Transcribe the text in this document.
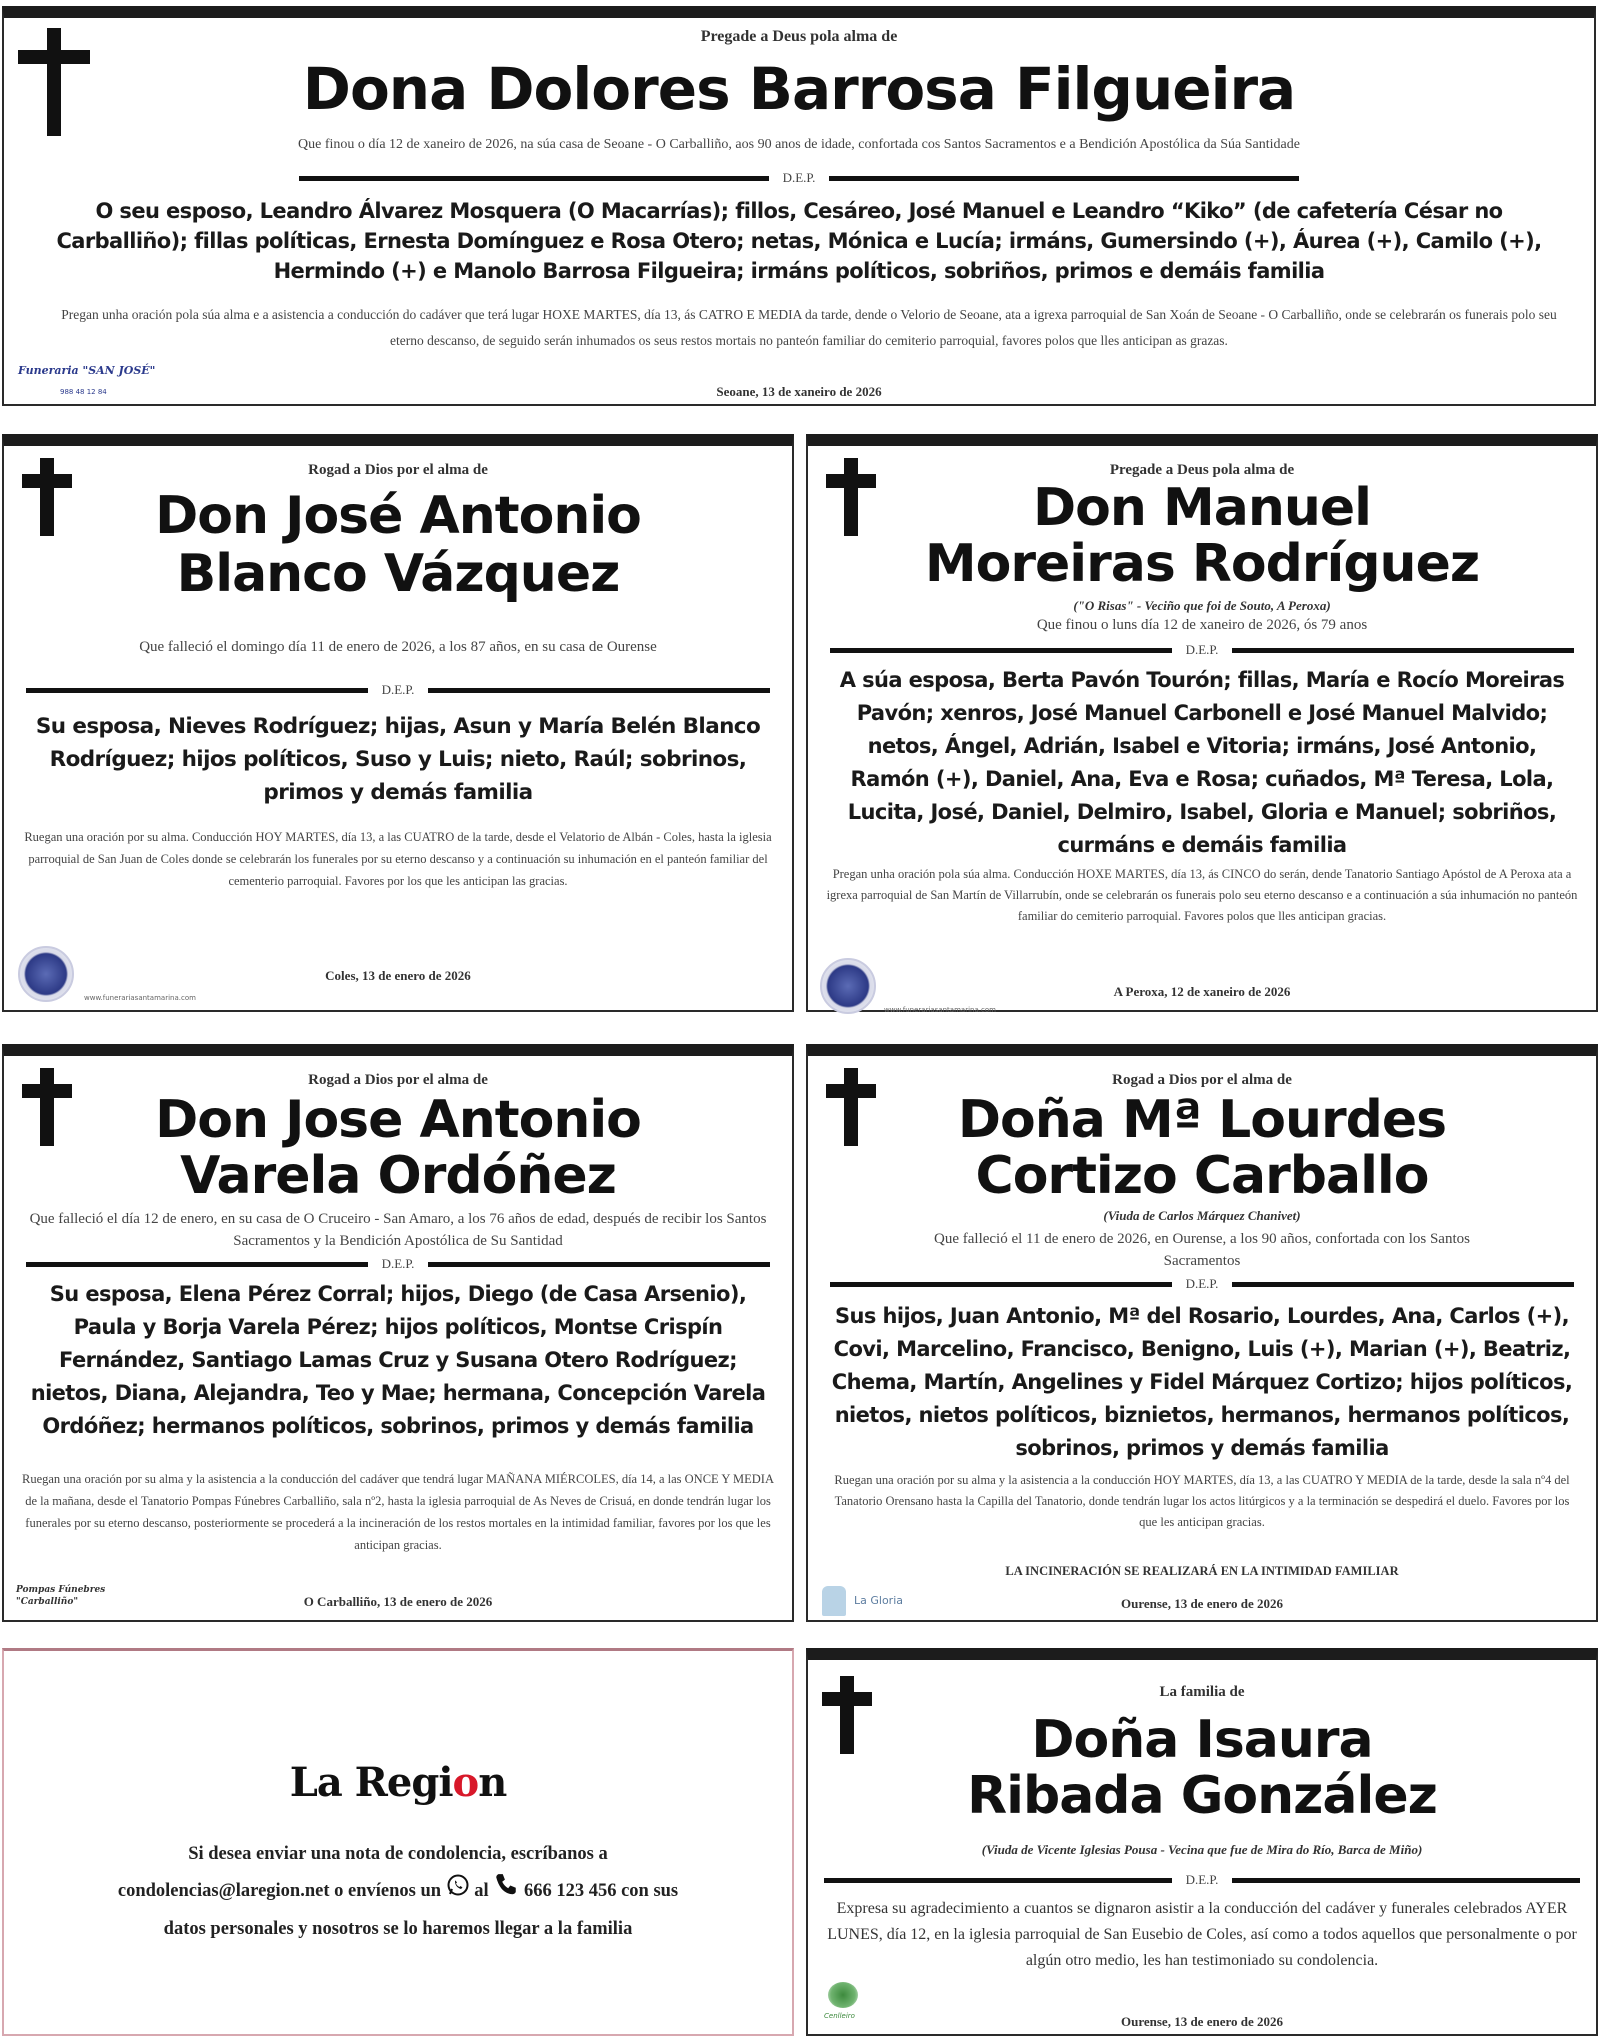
Pregade a Deus pola alma de
Dona Dolores Barrosa Filgueira
Que finou o día 12 de xaneiro de 2026, na súa casa de Seoane - O Carballiño, aos 90 anos de idade, confortada cos Santos Sacramentos e a Bendición Apostólica da Súa Santidade
D.E.P.
O seu esposo, Leandro Álvarez Mosquera (O Macarrías); fillos, Cesáreo, José Manuel e Leandro “Kiko” (de cafetería César no Carballiño); fillas políticas, Ernesta Domínguez e Rosa Otero; netas, Mónica e Lucía; irmáns, Gumersindo (+), Áurea (+), Camilo (+), Hermindo (+) e Manolo Barrosa Filgueira; irmáns políticos, sobriños, primos e demáis familia
Pregan unha oración pola súa alma e a asistencia a conducción do cadáver que terá lugar HOXE MARTES, día 13, ás CATRO E MEDIA da tarde, dende o Velorio de Seoane, ata a igrexa parroquial de San Xoán de Seoane - O Carballiño, onde se celebrarán os funerais polo seu eterno descanso, de seguido serán inhumados os seus restos mortais no panteón familiar do cemiterio parroquial, favores polos que lles anticipan as grazas.
Seoane, 13 de xaneiro de 2026
Funeraria "SAN JOSÉ"
988 48 12 84
Rogad a Dios por el alma de
Don José Antonio
Blanco Vázquez
Que falleció el domingo día 11 de enero de 2026, a los 87 años, en su casa de Ourense
D.E.P.
Su esposa, Nieves Rodríguez; hijas, Asun y María Belén Blanco Rodríguez; hijos políticos, Suso y Luis; nieto, Raúl; sobrinos, primos y demás familia
Ruegan una oración por su alma. Conducción HOY MARTES, día 13, a las CUATRO de la tarde, desde el Velatorio de Albán - Coles, hasta la iglesia parroquial de San Juan de Coles donde se celebrarán los funerales por su eterno descanso y a continuación su inhumación en el panteón familiar del cementerio parroquial. Favores por los que les anticipan las gracias.
www.funerariasantamarina.com
Coles, 13 de enero de 2026
Pregade a Deus pola alma de
Don Manuel
Moreiras Rodríguez
("O Risas" - Veciño que foi de Souto, A Peroxa)
Que finou o luns día 12 de xaneiro de 2026, ós 79 anos
D.E.P.
A súa esposa, Berta Pavón Tourón; fillas, María e Rocío Moreiras Pavón; xenros, José Manuel Carbonell e José Manuel Malvido; netos, Ángel, Adrián, Isabel e Vitoria; irmáns, José Antonio, Ramón (+), Daniel, Ana, Eva e Rosa; cuñados, Mª Teresa, Lola, Lucita, José, Daniel, Delmiro, Isabel, Gloria e Manuel; sobriños, curmáns e demáis familia
Pregan unha oración pola súa alma. Conducción HOXE MARTES, día 13, ás CINCO do serán, dende Tanatorio Santiago Apóstol de A Peroxa ata a igrexa parroquial de San Martín de Villarrubín, onde se celebrarán os funerais polo seu eterno descanso e a continuación a súa inhumación no panteón familiar do cemiterio parroquial. Favores polos que lles anticipan gracias.
www.funerariasantamarina.com
A Peroxa, 12 de xaneiro de 2026
Rogad a Dios por el alma de
Don Jose Antonio
Varela Ordóñez
Que falleció el día 12 de enero, en su casa de O Cruceiro - San Amaro, a los 76 años de edad, después de recibir los Santos Sacramentos y la Bendición Apostólica de Su Santidad
D.E.P.
Su esposa, Elena Pérez Corral; hijos, Diego (de Casa Arsenio), Paula y Borja Varela Pérez; hijos políticos, Montse Crispín Fernández, Santiago Lamas Cruz y Susana Otero Rodríguez; nietos, Diana, Alejandra, Teo y Mae; hermana, Concepción Varela Ordóñez; hermanos políticos, sobrinos, primos y demás familia
Ruegan una oración por su alma y la asistencia a la conducción del cadáver que tendrá lugar MAÑANA MIÉRCOLES, día 14, a las ONCE Y MEDIA de la mañana, desde el Tanatorio Pompas Fúnebres Carballiño, sala nº2, hasta la iglesia parroquial de As Neves de Crisuá, en donde tendrán lugar los funerales por su eterno descanso, posteriormente se procederá a la incineración de los restos mortales en la intimidad familiar, favores por los que les anticipan gracias.
Pompas Fúnebres "Carballiño"	O Carballiño, 13 de enero de 2026
Rogad a Dios por el alma de
Doña Mª Lourdes
Cortizo Carballo
(Viuda de Carlos Márquez Chanivet)
Que falleció el 11 de enero de 2026, en Ourense, a los 90 años, confortada con los Santos Sacramentos
D.E.P.
Sus hijos, Juan Antonio, Mª del Rosario, Lourdes, Ana, Carlos (+), Covi, Marcelino, Francisco, Benigno, Luis (+), Marian (+), Beatriz, Chema, Martín, Angelines y Fidel Márquez Cortizo; hijos políticos, nietos, nietos políticos, biznietos, hermanos, hermanos políticos, sobrinos, primos y demás familia
Ruegan una oración por su alma y la asistencia a la conducción HOY MARTES, día 13, a las CUATRO Y MEDIA de la tarde, desde la sala nº4 del Tanatorio Orensano hasta la Capilla del Tanatorio, donde tendrán lugar los actos litúrgicos y a la terminación se despedirá el duelo. Favores por los que les anticipan gracias.
LA INCINERACIÓN SE REALIZARÁ EN LA INTIMIDAD FAMILIAR
La Gloria	Ourense, 13 de enero de 2026
La Region
Si desea enviar una nota de condolencia, escríbanos a
condolencias@laregion.net o envíenos un al 666 123 456 con sus
datos personales y nosotros se lo haremos llegar a la familia
La familia de
Doña Isaura
Ribada González
(Viuda de Vicente Iglesias Pousa - Vecina que fue de Mira do Río, Barca de Miño)
D.E.P.
Expresa su agradecimiento a cuantos se dignaron asistir a la conducción del cadáver y funerales celebrados AYER LUNES, día 12, en la iglesia parroquial de San Eusebio de Coles, así como a todos aquellos que personalmente o por algún otro medio, les han testimoniado su condolencia.
Cenlleiro	Ourense, 13 de enero de 2026
